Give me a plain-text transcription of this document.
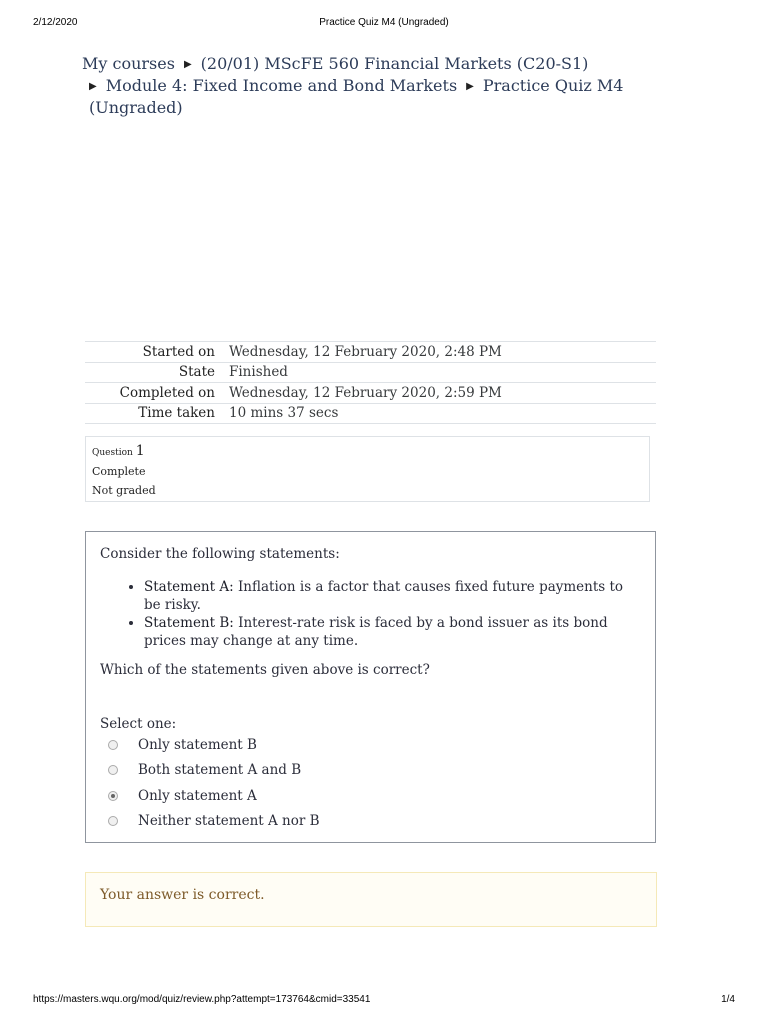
2/12/2020	Practice Quiz M4 (Ungraded)
My courses ▶ (20/01) MScFE 560 Financial Markets (C20-S1)
▶ Module 4: Fixed Income and Bond Markets ▶ Practice Quiz M4 (Ungraded)
Started on	Wednesday, 12 February 2020, 2:48 PM
State	Finished
Completed on	Wednesday, 12 February 2020, 2:59 PM
Time taken	10 mins 37 secs
Question 1
Complete
Not graded

Consider the following statements:

• Statement A: Inflation is a factor that causes fixed future payments to be risky.
• Statement B: Interest-rate risk is faced by a bond issuer as its bond prices may change at any time.

Which of the statements given above is correct?

Select one:

Only statement B
Both statement A and B
Only statement A
Neither statement A nor B
Your answer is correct.
https://masters.wqu.org/mod/quiz/review.php?attempt=173764&cmid=33541	1/4
